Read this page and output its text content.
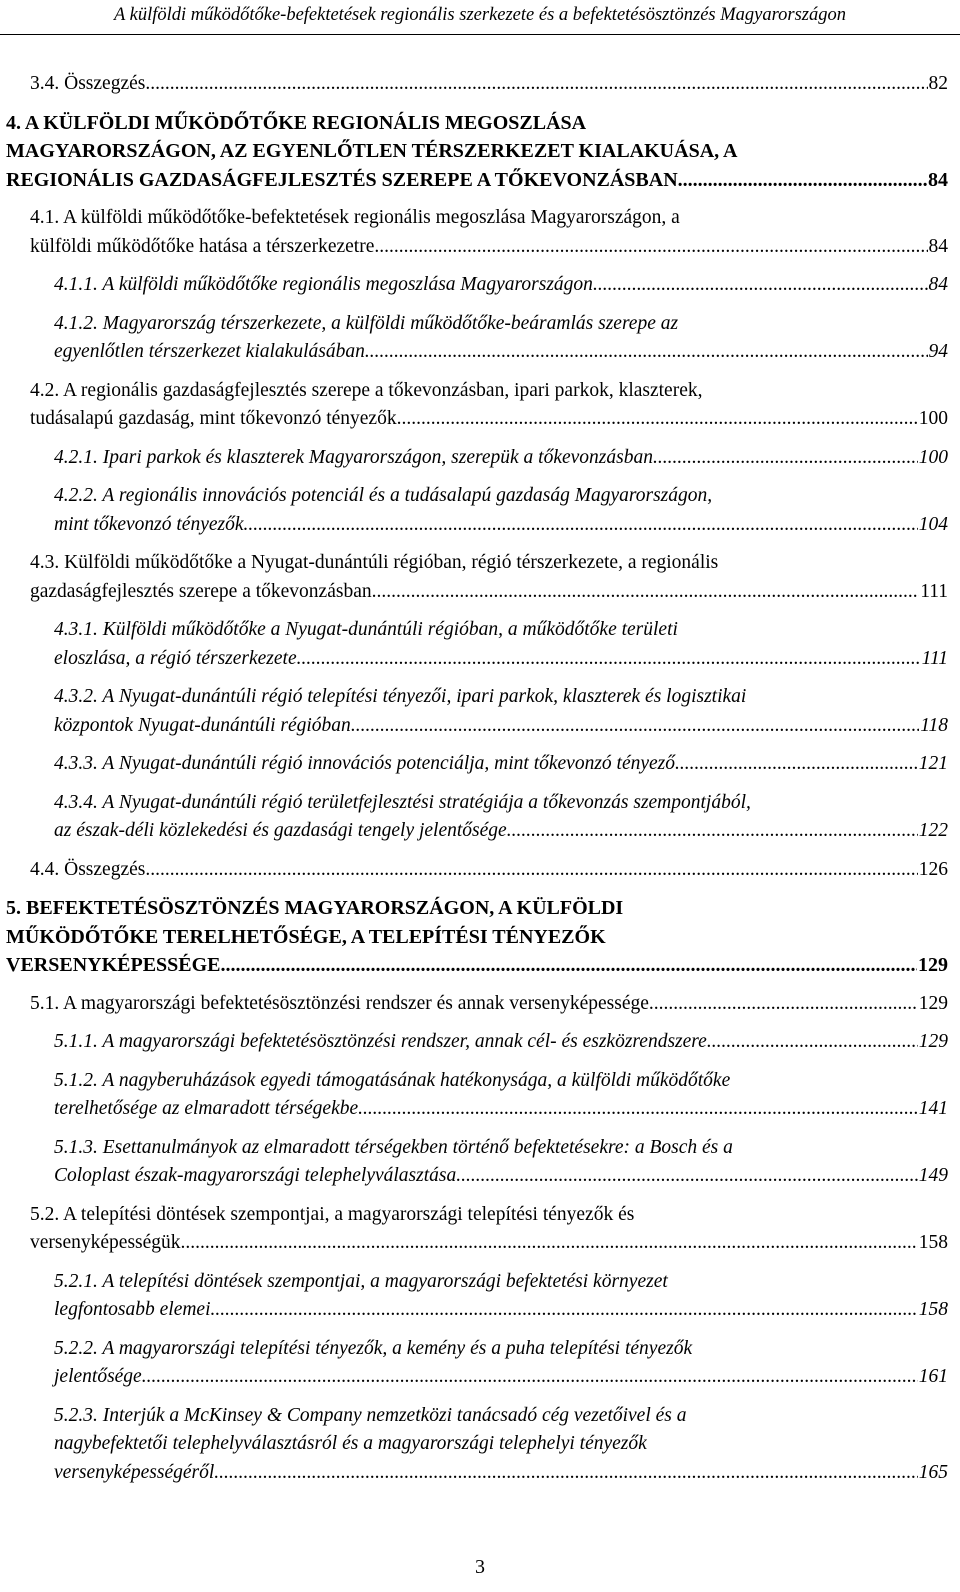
A külföldi működőtőke-befektetések regionális szerkezete és a befektetésösztönzés Magyarországon
3.4. Összegzés .....	82
4. A KÜLFÖLDI MŰKÖDŐTŐKE REGIONÁLIS MEGOSZLÁSA
MAGYARORSZÁGON, AZ EGYENLŐTLEN TÉRSZERKEZET KIALAKUÁSA, A
REGIONÁLIS GAZDASÁGFEJLESZTÉS SZEREPE A TŐKEVONZÁSBAN .....	84
4.1. A külföldi működőtőke-befektetések regionális megoszlása Magyarországon, a
külföldi működőtőke hatása a térszerkezetre .....	84
4.1.1. A külföldi működőtőke regionális megoszlása Magyarországon .....	84
4.1.2. Magyarország térszerkezete, a külföldi működőtőke-beáramlás szerepe az
egyenlőtlen térszerkezet kialakulásában .....	94
4.2. A regionális gazdaságfejlesztés szerepe a tőkevonzásban, ipari parkok, klaszterek,
tudásalapú gazdaság, mint tőkevonzó tényezők .....	100
4.2.1. Ipari parkok és klaszterek Magyarországon, szerepük a tőkevonzásban .....	100
4.2.2. A regionális innovációs potenciál és a tudásalapú gazdaság Magyarországon,
mint tőkevonzó tényezők .....	104
4.3. Külföldi működőtőke a Nyugat-dunántúli régióban, régió térszerkezete, a regionális
gazdaságfejlesztés szerepe a tőkevonzásban .....	111
4.3.1. Külföldi működőtőke a Nyugat-dunántúli régióban, a működőtőke területi
eloszlása, a régió térszerkezete .....	111
4.3.2. A Nyugat-dunántúli régió telepítési tényezői, ipari parkok, klaszterek és logisztikai
központok Nyugat-dunántúli régióban .....	118
4.3.3. A Nyugat-dunántúli régió innovációs potenciálja, mint tőkevonzó tényező .....	121
4.3.4. A Nyugat-dunántúli régió területfejlesztési stratégiája a tőkevonzás szempontjából,
az észak-déli közlekedési és gazdasági tengely jelentősége .....	122
4.4. Összegzés .....	126
5. BEFEKTETÉSÖSZTÖNZÉS MAGYARORSZÁGON, A KÜLFÖLDI
MŰKÖDŐTŐKE TERELHETŐSÉGE, A TELEPÍTÉSI TÉNYEZŐK
VERSENYKÉPESSÉGE .....	129
5.1. A magyarországi befektetésösztönzési rendszer és annak versenyképessége .....	129
5.1.1. A magyarországi befektetésösztönzési rendszer, annak cél- és eszközrendszere .....	129
5.1.2. A nagyberuházások egyedi támogatásának hatékonysága, a külföldi működőtőke
terelhetősége az elmaradott térségekbe .....	141
5.1.3. Esettanulmányok az elmaradott térségekben történő befektetésekre: a Bosch és a
Coloplast észak-magyarországi telephelyválasztása .....	149
5.2. A telepítési döntések szempontjai, a magyarországi telepítési tényezők és
versenyképességük .....	158
5.2.1. A telepítési döntések szempontjai, a magyarországi befektetési környezet
legfontosabb elemei .....	158
5.2.2. A magyarországi telepítési tényezők, a kemény és a puha telepítési tényezők
jelentősége .....	161
5.2.3. Interjúk a McKinsey & Company nemzetközi tanácsadó cég vezetőivel és a
nagybefektetői telephelyválasztásról és a magyarországi telephelyi tényezők
versenyképességéről .....	165
3
